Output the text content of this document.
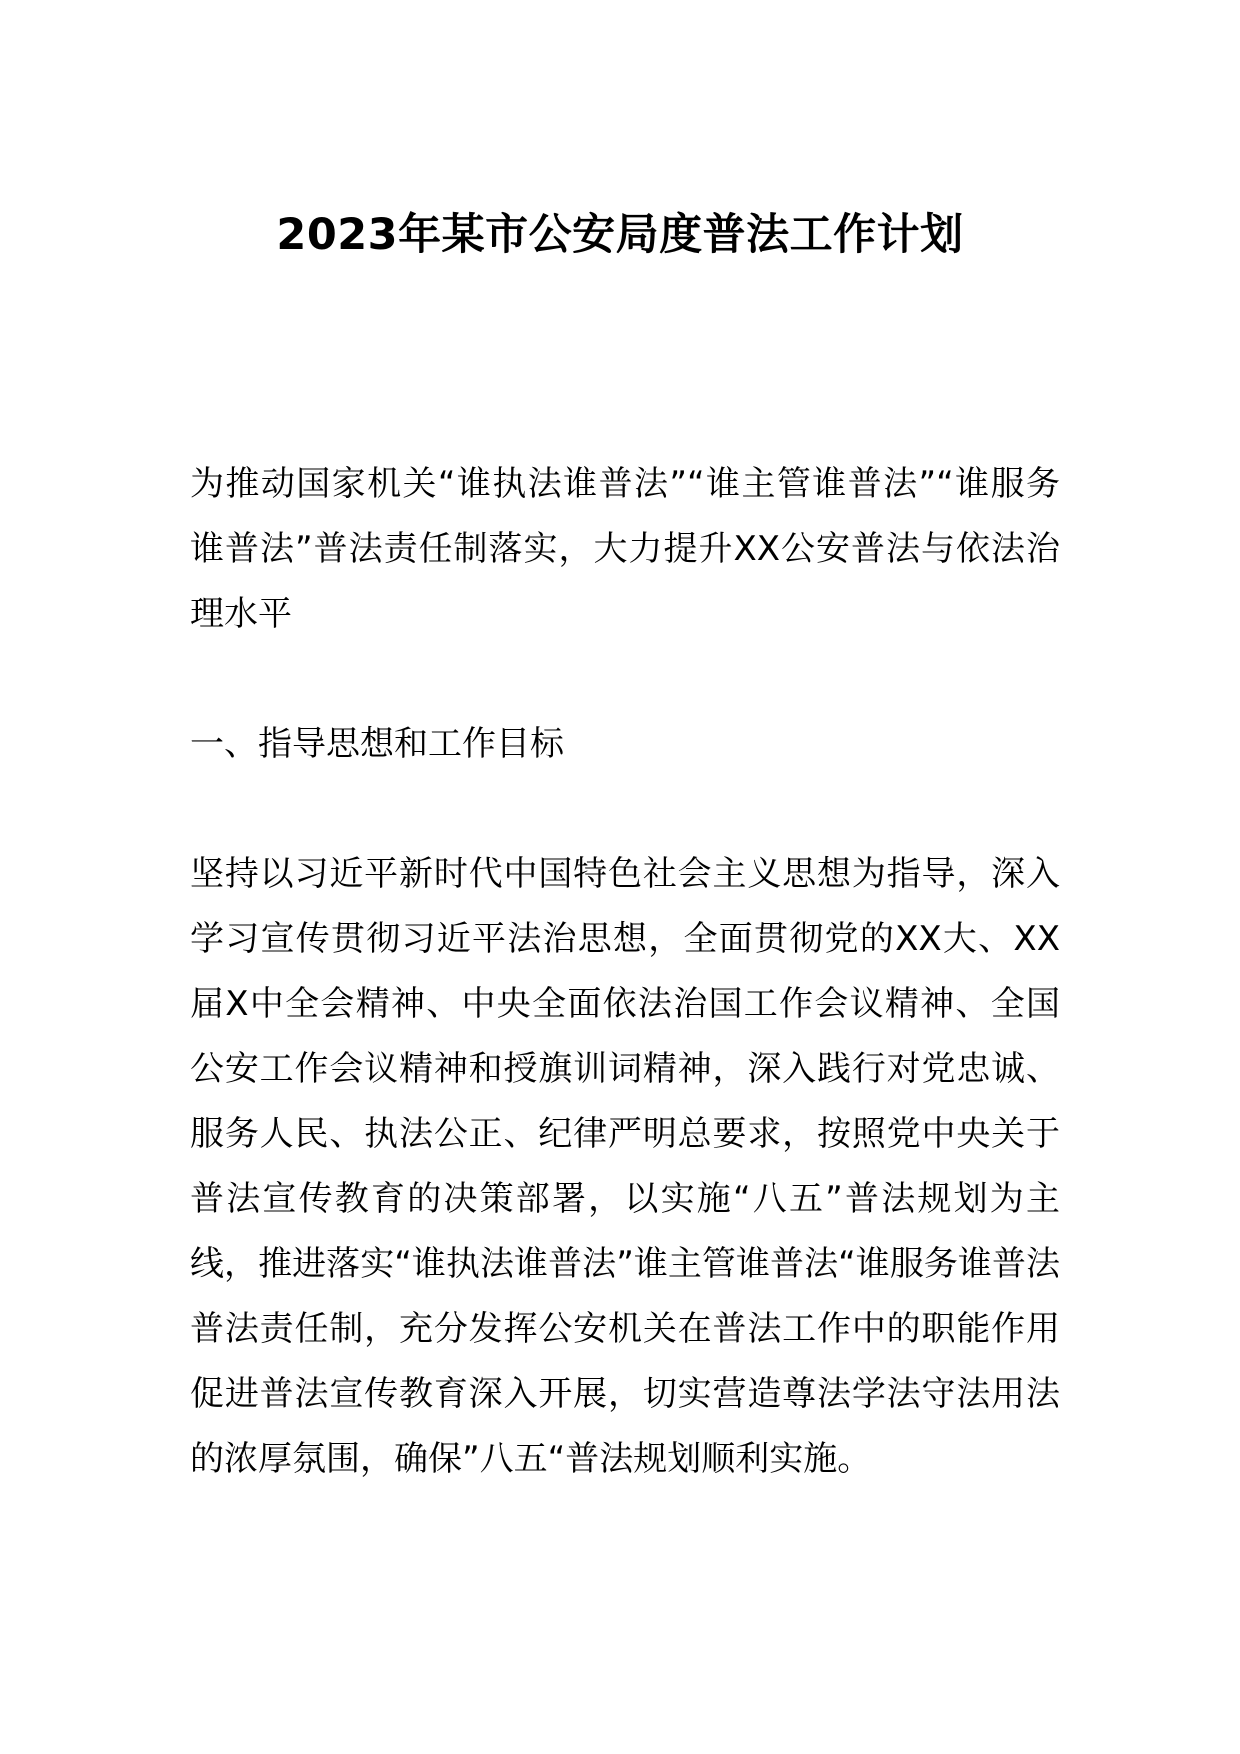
2023年某市公安局度普法工作计划
为推动国家机关“谁执法谁普法”“谁主管谁普法”“谁服务谁普法”普法责任制落实，大力提升XX公安普法与依法治理水平
一、指导思想和工作目标
坚持以习近平新时代中国特色社会主义思想为指导，深入学习宣传贯彻习近平法治思想，全面贯彻党的XX大、XX届X中全会精神、中央全面依法治国工作会议精神、全国公安工作会议精神和授旗训词精神，深入践行对党忠诚、服务人民、执法公正、纪律严明总要求，按照党中央关于普法宣传教育的决策部署，以实施“八五”普法规划为主线，推进落实“谁执法谁普法”谁主管谁普法“谁服务谁普法普法责任制，充分发挥公安机关在普法工作中的职能作用促进普法宣传教育深入开展，切实营造尊法学法守法用法的浓厚氛围，确保”八五“普法规划顺利实施。
